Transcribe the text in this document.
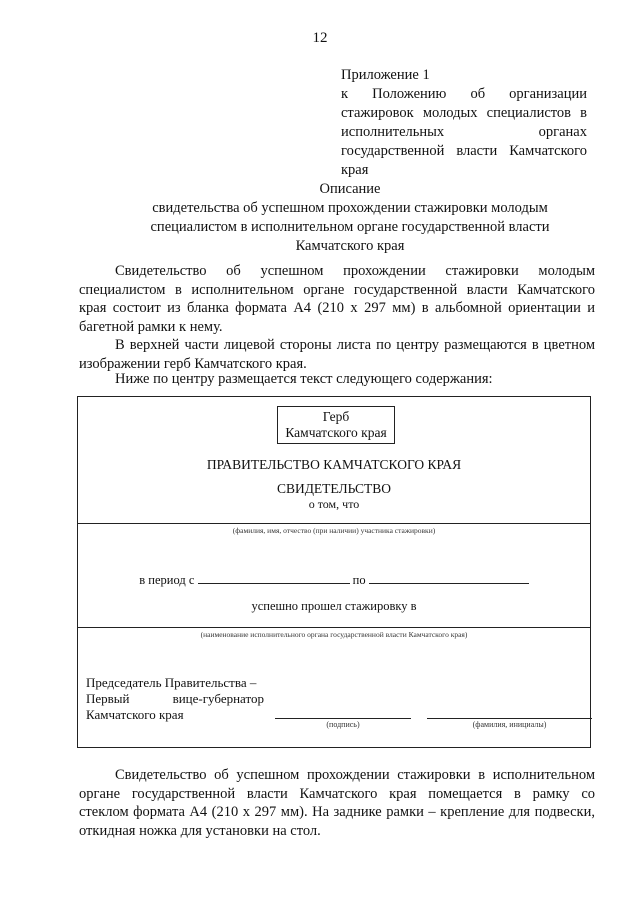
12
Приложение 1
к Положению об организации
стажировок молодых специалистов в
исполнительных органах
государственной власти Камчатского
края
Описание
свидетельства об успешном прохождении стажировки молодым
специалистом в исполнительном органе государственной власти
Камчатского края
Свидетельство об успешном прохождении стажировки молодым
специалистом в исполнительном органе государственной власти Камчатского
края состоит из бланка формата А4 (210 х 297 мм) в альбомной ориентации и
багетной рамки к нему.
В верхней части лицевой стороны листа по центру размещаются в цветном
изображении герб Камчатского края.
Ниже по центру размещается текст следующего содержания:
Герб
Камчатского края
ПРАВИТЕЛЬСТВО КАМЧАТСКОГО КРАЯ
СВИДЕТЕЛЬСТВО
о том, что
(фамилия, имя, отчество (при наличии) участника стажировки)
в период с	по
успешно прошел стажировку в
(наименование исполнительного органа государственной власти Камчатского края)
Председатель Правительства –
Первый вице-губернатор
Камчатского края
(подпись)	(фамилия, инициалы)
Свидетельство об успешном прохождении стажировки в исполнительном
органе государственной власти Камчатского края помещается в рамку со
стеклом формата А4 (210 х 297 мм). На заднике рамки – крепление для подвески,
откидная ножка для установки на стол.
